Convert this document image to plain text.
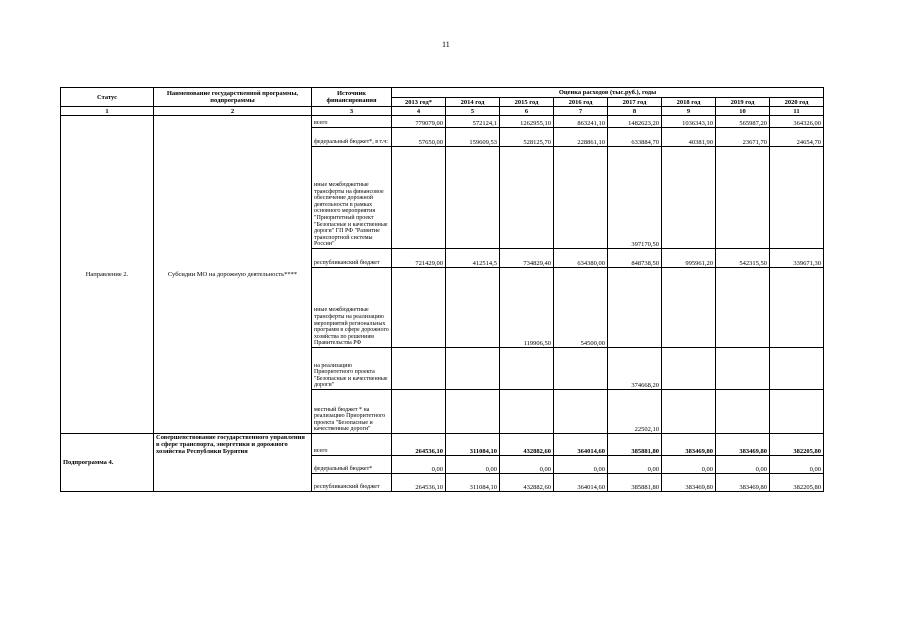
11
Статус	Наименование государственной программы, подпрограммы	Источник финансирования	Оценка расходов (тыс.руб.), годы							
			2013 год*	2014 год	2015 год	2016 год	2017 год	2018 год	2019 год	2020 год
1	2	3	4	5	6	7	8	9	10	11
Направление 2.	Субсидии МО на дорожную деятельность****	всего	779079,00	572124,1	1262955,10	863241,10	1482623,20	1036343,10	565987,20	364326,00
		федеральный бюджет*, в т.ч:	57650,00	159609,53	528125,70	228861,10	633884,70	40381,90	23671,70	24654,70
		иные межбюджетные трансферты на финансовое обеспечение дорожной деятельности в рамках основного мероприятия "Приоритетный проект "Безопасные и качественные дороги" ГП РФ "Развитие транспортной системы России"					397170,50			
		республиканский бюджет	721429,00	412514,5	734829,40	634380,00	848738,50	995961,20	542315,50	339671,30
		иные межбюджетные трансферты на реализацию мероприятий региональных программ в сфере дорожного хозяйства по решениям Правительства РФ			119906,50	54500,00				
		на реализацию Приоритетного проекта "Безопасные и качественные дороги"					374668,20			
		местный бюджет * на реализацию Приоритетного проекта "Безопасные и качественные дороги"					22502,10			
Подпрограмма 4.	Совершенствование государственного управления в сфере транспорта, энергетики и дорожного хозяйства Республики Бурятия	всего	264536,10	311084,10	432882,60	364014,60	385881,80	383469,80	383469,80	382205,80
		федеральный бюджет*	0,00	0,00	0,00	0,00	0,00	0,00	0,00	0,00
		республиканский бюджет	264536,10	311084,10	432882,60	364014,60	385881,80	383469,80	383469,80	382205,80
